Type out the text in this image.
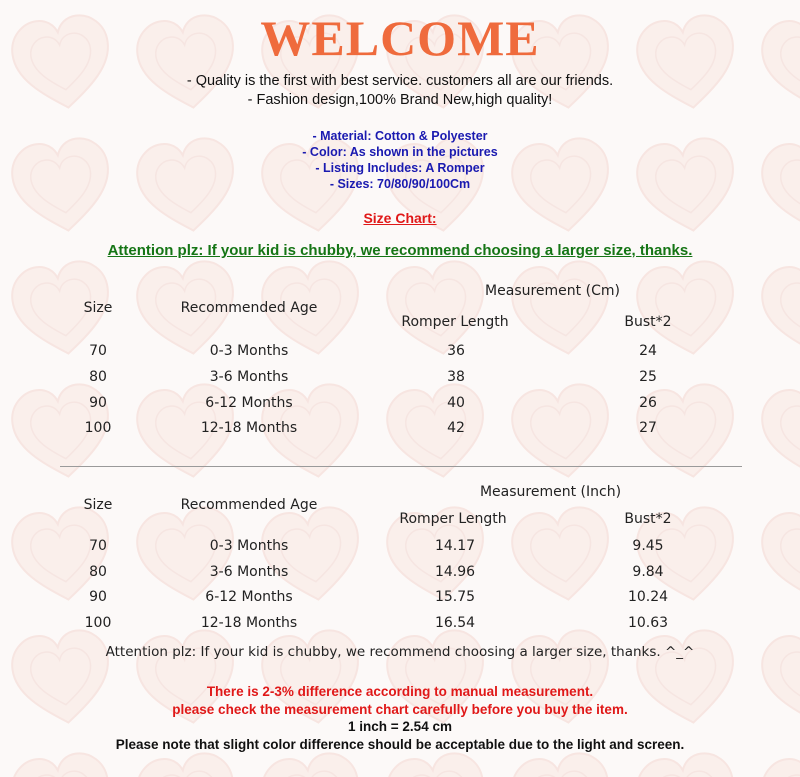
WELCOME
- Quality is the first with best service. customers all are our friends.
- Fashion design,100% Brand New,high quality!
- Material: Cotton & Polyester
- Color: As shown in the pictures
- Listing Includes: A Romper
- Sizes: 70/80/90/100Cm
Size Chart:
Attention plz: If your kid is chubby, we recommend choosing a larger size, thanks.
Measurement (Cm)
Size	Recommended Age
Romper Length	Bust*2
70	0-3 Months	36	24
80	3-6 Months	38	25
90	6-12 Months	40	26
100	12-18 Months	42	27
Measurement (Inch)
Size	Recommended Age
Romper Length	Bust*2
70	0-3 Months	14.17	9.45
80	3-6 Months	14.96	9.84
90	6-12 Months	15.75	10.24
100	12-18 Months	16.54	10.63
Attention plz: If your kid is chubby, we recommend choosing a larger size, thanks. ^_^
There is 2-3% difference according to manual measurement.
please check the measurement chart carefully before you buy the item.
1 inch = 2.54 cm
Please note that slight color difference should be acceptable due to the light and screen.
